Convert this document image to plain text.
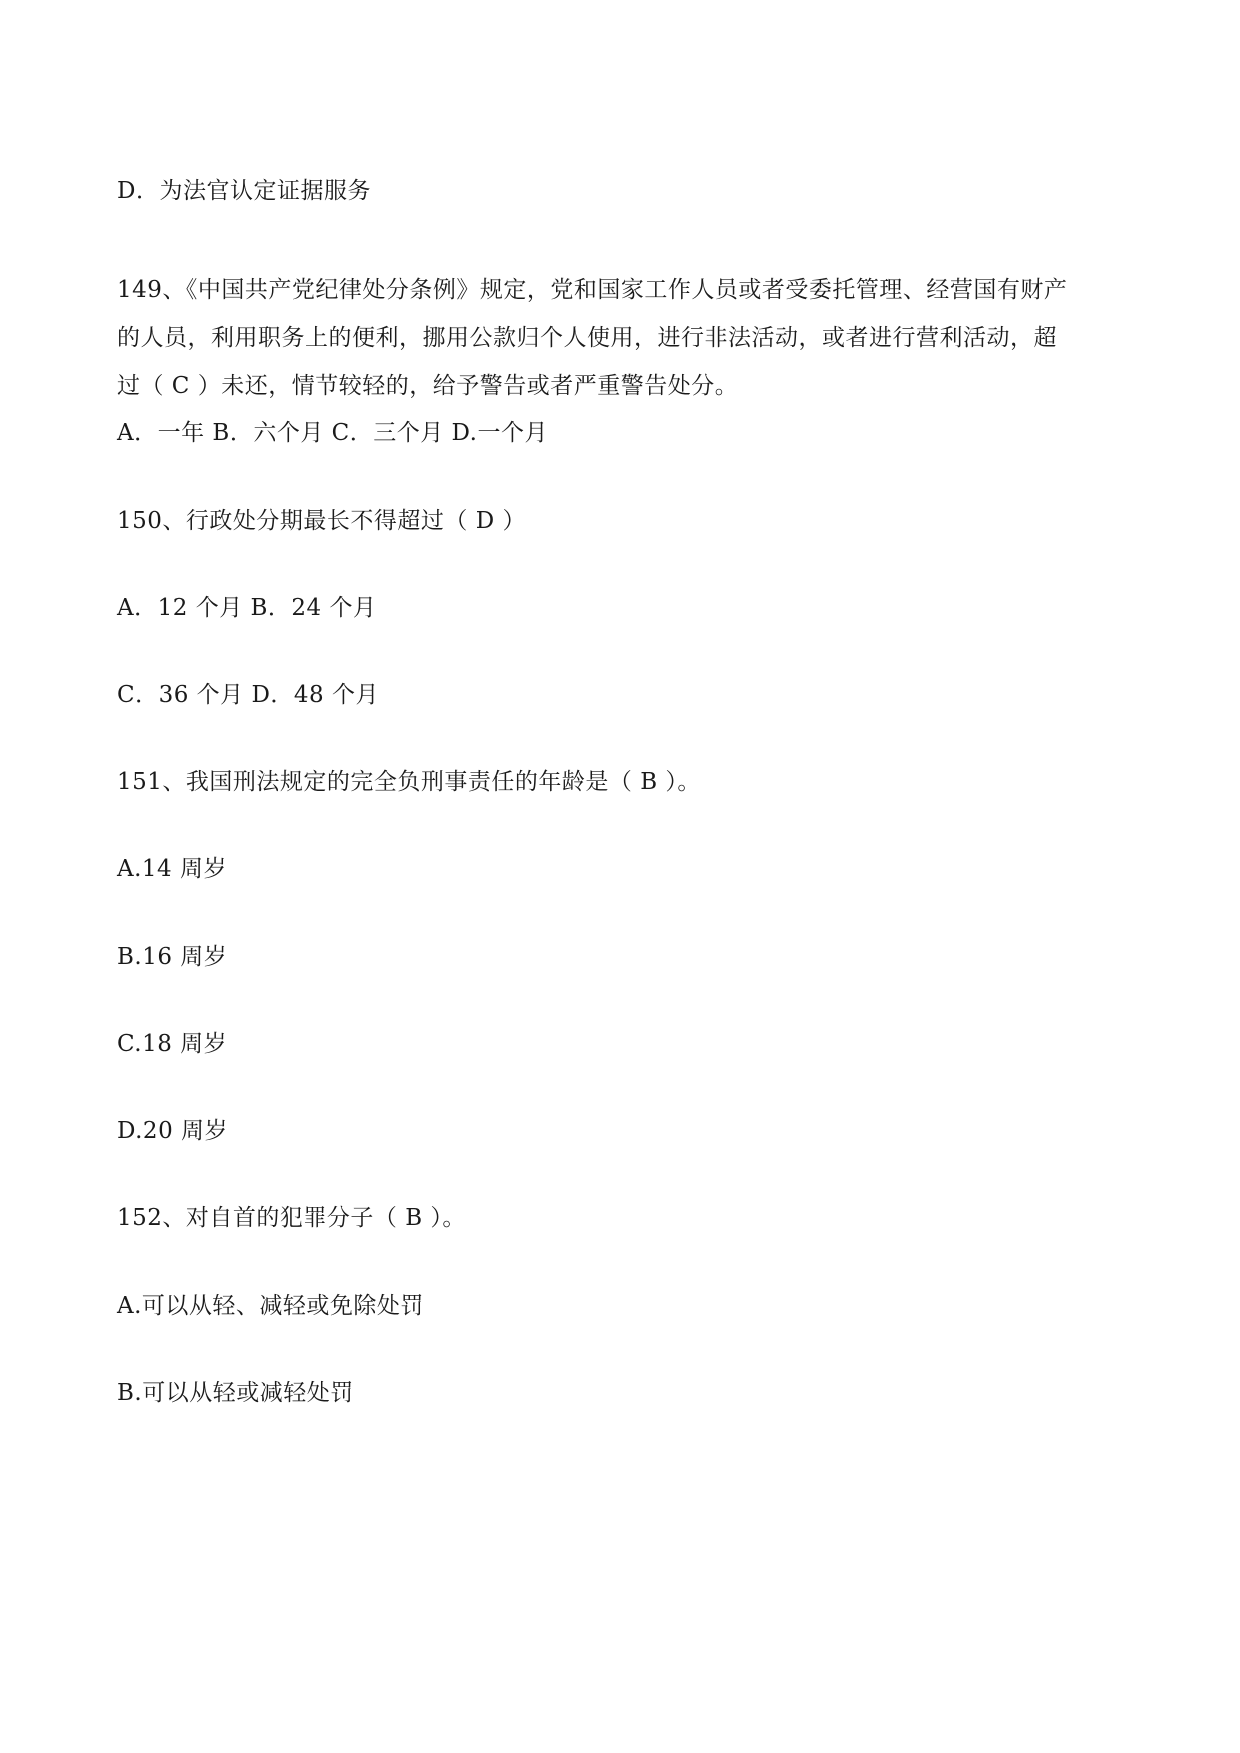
D．为法官认定证据服务
149、《中国共产党纪律处分条例》规定，党和国家工作人员或者受委托管理、经营国有财产
的人员，利用职务上的便利，挪用公款归个人使用，进行非法活动，或者进行营利活动，超
过（ C ）未还，情节较轻的，给予警告或者严重警告处分。
A．一年 B．六个月 C．三个月 D.一个月
150、行政处分期最长不得超过（ D ）
A．12 个月 B．24 个月
C．36 个月 D．48 个月
151、我国刑法规定的完全负刑事责任的年龄是（ B ）。
A.14 周岁
B.16 周岁
C.18 周岁
D.20 周岁
152、对自首的犯罪分子（ B ）。
A.可以从轻、减轻或免除处罚
B.可以从轻或减轻处罚
